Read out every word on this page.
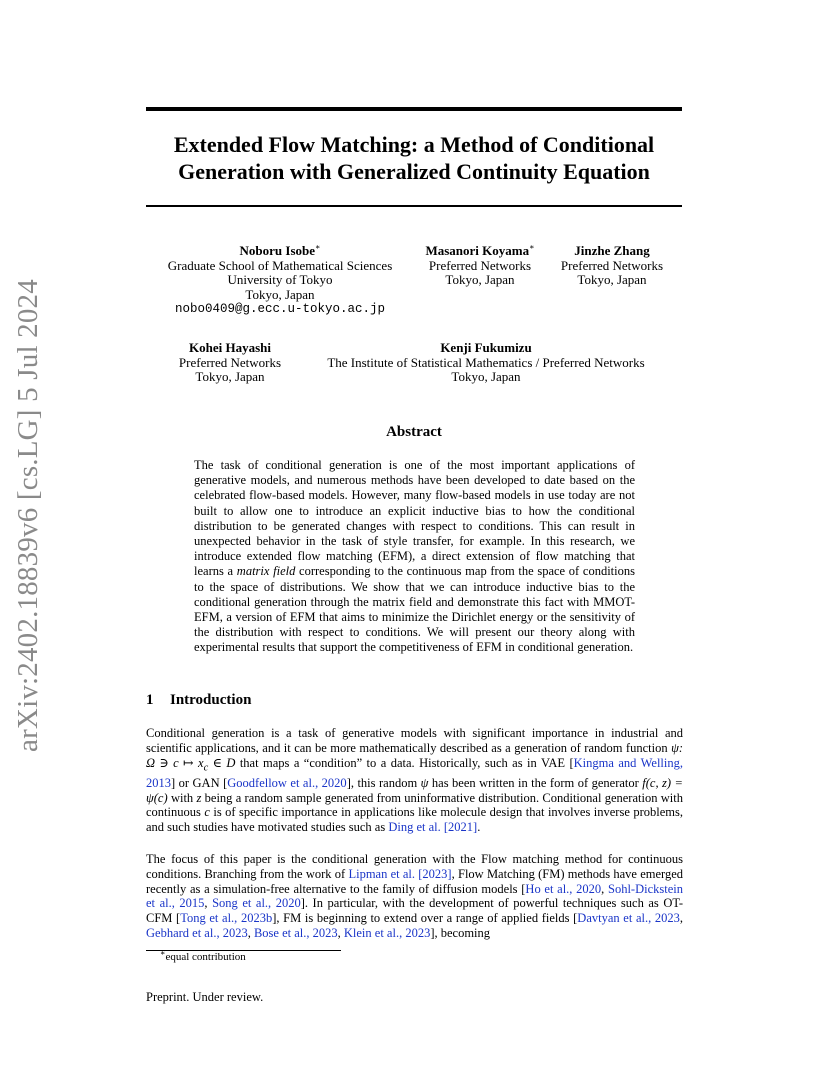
arXiv:2402.18839v6 [cs.LG] 5 Jul 2024
Extended Flow Matching: a Method of Conditional
Generation with Generalized Continuity Equation
Noboru Isobe∗
Graduate School of Mathematical Sciences
University of Tokyo
Tokyo, Japan
nobo0409@g.ecc.u-tokyo.ac.jp
Masanori Koyama∗
Preferred Networks
Tokyo, Japan
Jinzhe Zhang
Preferred Networks
Tokyo, Japan
Kohei Hayashi
Preferred Networks
Tokyo, Japan
Kenji Fukumizu
The Institute of Statistical Mathematics / Preferred Networks
Tokyo, Japan
Abstract
The task of conditional generation is one of the most important applications of generative models, and numerous methods have been developed to date based on the celebrated flow-based models. However, many flow-based models in use today are not built to allow one to introduce an explicit inductive bias to how the conditional distribution to be generated changes with respect to conditions. This can result in unexpected behavior in the task of style transfer, for example. In this research, we introduce extended flow matching (EFM), a direct extension of flow matching that learns a matrix field corresponding to the continuous map from the space of conditions to the space of distributions. We show that we can introduce inductive bias to the conditional generation through the matrix field and demonstrate this fact with MMOT-EFM, a version of EFM that aims to minimize the Dirichlet energy or the sensitivity of the distribution with respect to conditions. We will present our theory along with experimental results that support the competitiveness of EFM in conditional generation.
1 Introduction
Conditional generation is a task of generative models with significant importance in industrial and scientific applications, and it can be more mathematically described as a generation of random function ψ: Ω ∋ c ↦ $x_c$ ∈ D that maps a “condition” to a data. Historically, such as in VAE [Kingma and Welling, 2013] or GAN [Goodfellow et al., 2020], this random ψ has been written in the form of generator f(c, z) = ψ(c) with z being a random sample generated from uninformative distribution. Conditional generation with continuous c is of specific importance in applications like molecule design that involves inverse problems, and such studies have motivated studies such as Ding et al. [2021].
The focus of this paper is the conditional generation with the Flow matching method for continuous conditions. Branching from the work of Lipman et al. [2023], Flow Matching (FM) methods have emerged recently as a simulation-free alternative to the family of diffusion models [Ho et al., 2020, Sohl-Dickstein et al., 2015, Song et al., 2020]. In particular, with the development of powerful techniques such as OT-CFM [Tong et al., 2023b], FM is beginning to extend over a range of applied fields [Davtyan et al., 2023, Gebhard et al., 2023, Bose et al., 2023, Klein et al., 2023], becoming
∗equal contribution
Preprint. Under review.
